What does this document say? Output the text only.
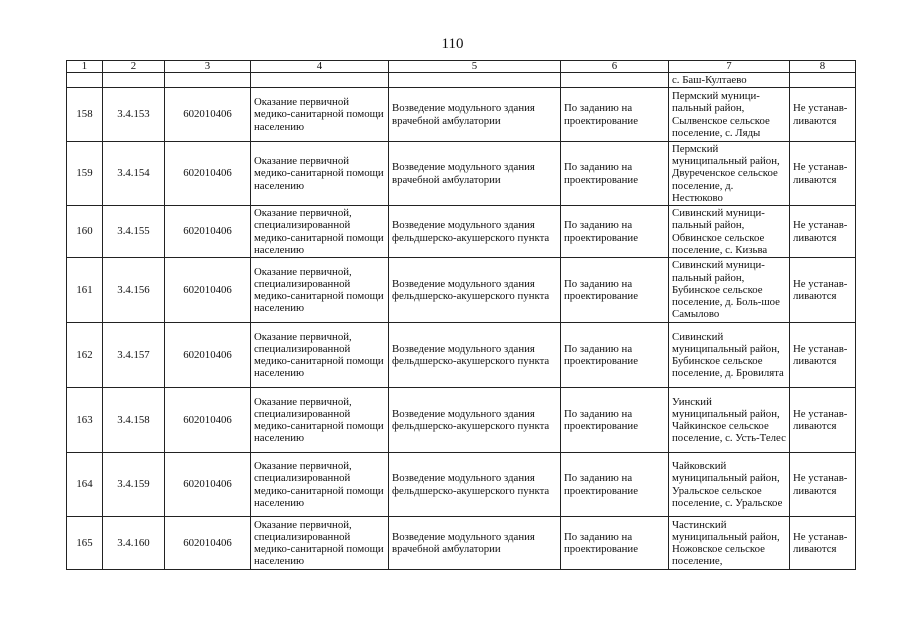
110
1	2	3	4	5	6	7	8
						с. Баш-Култаево	
158	3.4.153	602010406	Оказание первичной медико-санитарной помощи населению	Возведение модульного здания врачебной амбулатории	По заданию на проектирование	Пермский муници-пальный район, Сылвенское сельское поселение, с. Ляды	Не устанав-ливаются
159	3.4.154	602010406	Оказание первичной медико-санитарной помощи населению	Возведение модульного здания врачебной амбулатории	По заданию на проектирование	Пермский муниципальный район, Двуреченское сельское поселение, д. Нестюково	Не устанав-ливаются
160	3.4.155	602010406	Оказание первичной, специализированной медико-санитарной помощи населению	Возведение модульного здания фельдшерско-акушерского пункта	По заданию на проектирование	Сивинский муници-пальный район, Обвинское сельское поселение, с. Кизьва	Не устанав-ливаются
161	3.4.156	602010406	Оказание первичной, специализированной медико-санитарной помощи населению	Возведение модульного здания фельдшерско-акушерского пункта	По заданию на проектирование	Сивинский муници-пальный район, Бубинское сельское поселение, д. Боль-шое Самылово	Не устанав-ливаются
162	3.4.157	602010406	Оказание первичной, специализированной медико-санитарной помощи населению	Возведение модульного здания фельдшерско-акушерского пункта	По заданию на проектирование	Сивинский муниципальный район, Бубинское сельское поселение, д. Бровилята	Не устанав-ливаются
163	3.4.158	602010406	Оказание первичной, специализированной медико-санитарной помощи населению	Возведение модульного здания фельдшерско-акушерского пункта	По заданию на проектирование	Уинский муниципальный район, Чайкинское сельское поселение, с. Усть-Телес	Не устанав-ливаются
164	3.4.159	602010406	Оказание первичной, специализированной медико-санитарной помощи населению	Возведение модульного здания фельдшерско-акушерского пункта	По заданию на проектирование	Чайковский муниципальный район, Уральское сельское поселение, с. Уральское	Не устанав-ливаются
165	3.4.160	602010406	Оказание первичной, специализированной медико-санитарной помощи населению	Возведение модульного здания врачебной амбулатории	По заданию на проектирование	Частинский муниципальный район, Ножовское сельское поселение,	Не устанав-ливаются
